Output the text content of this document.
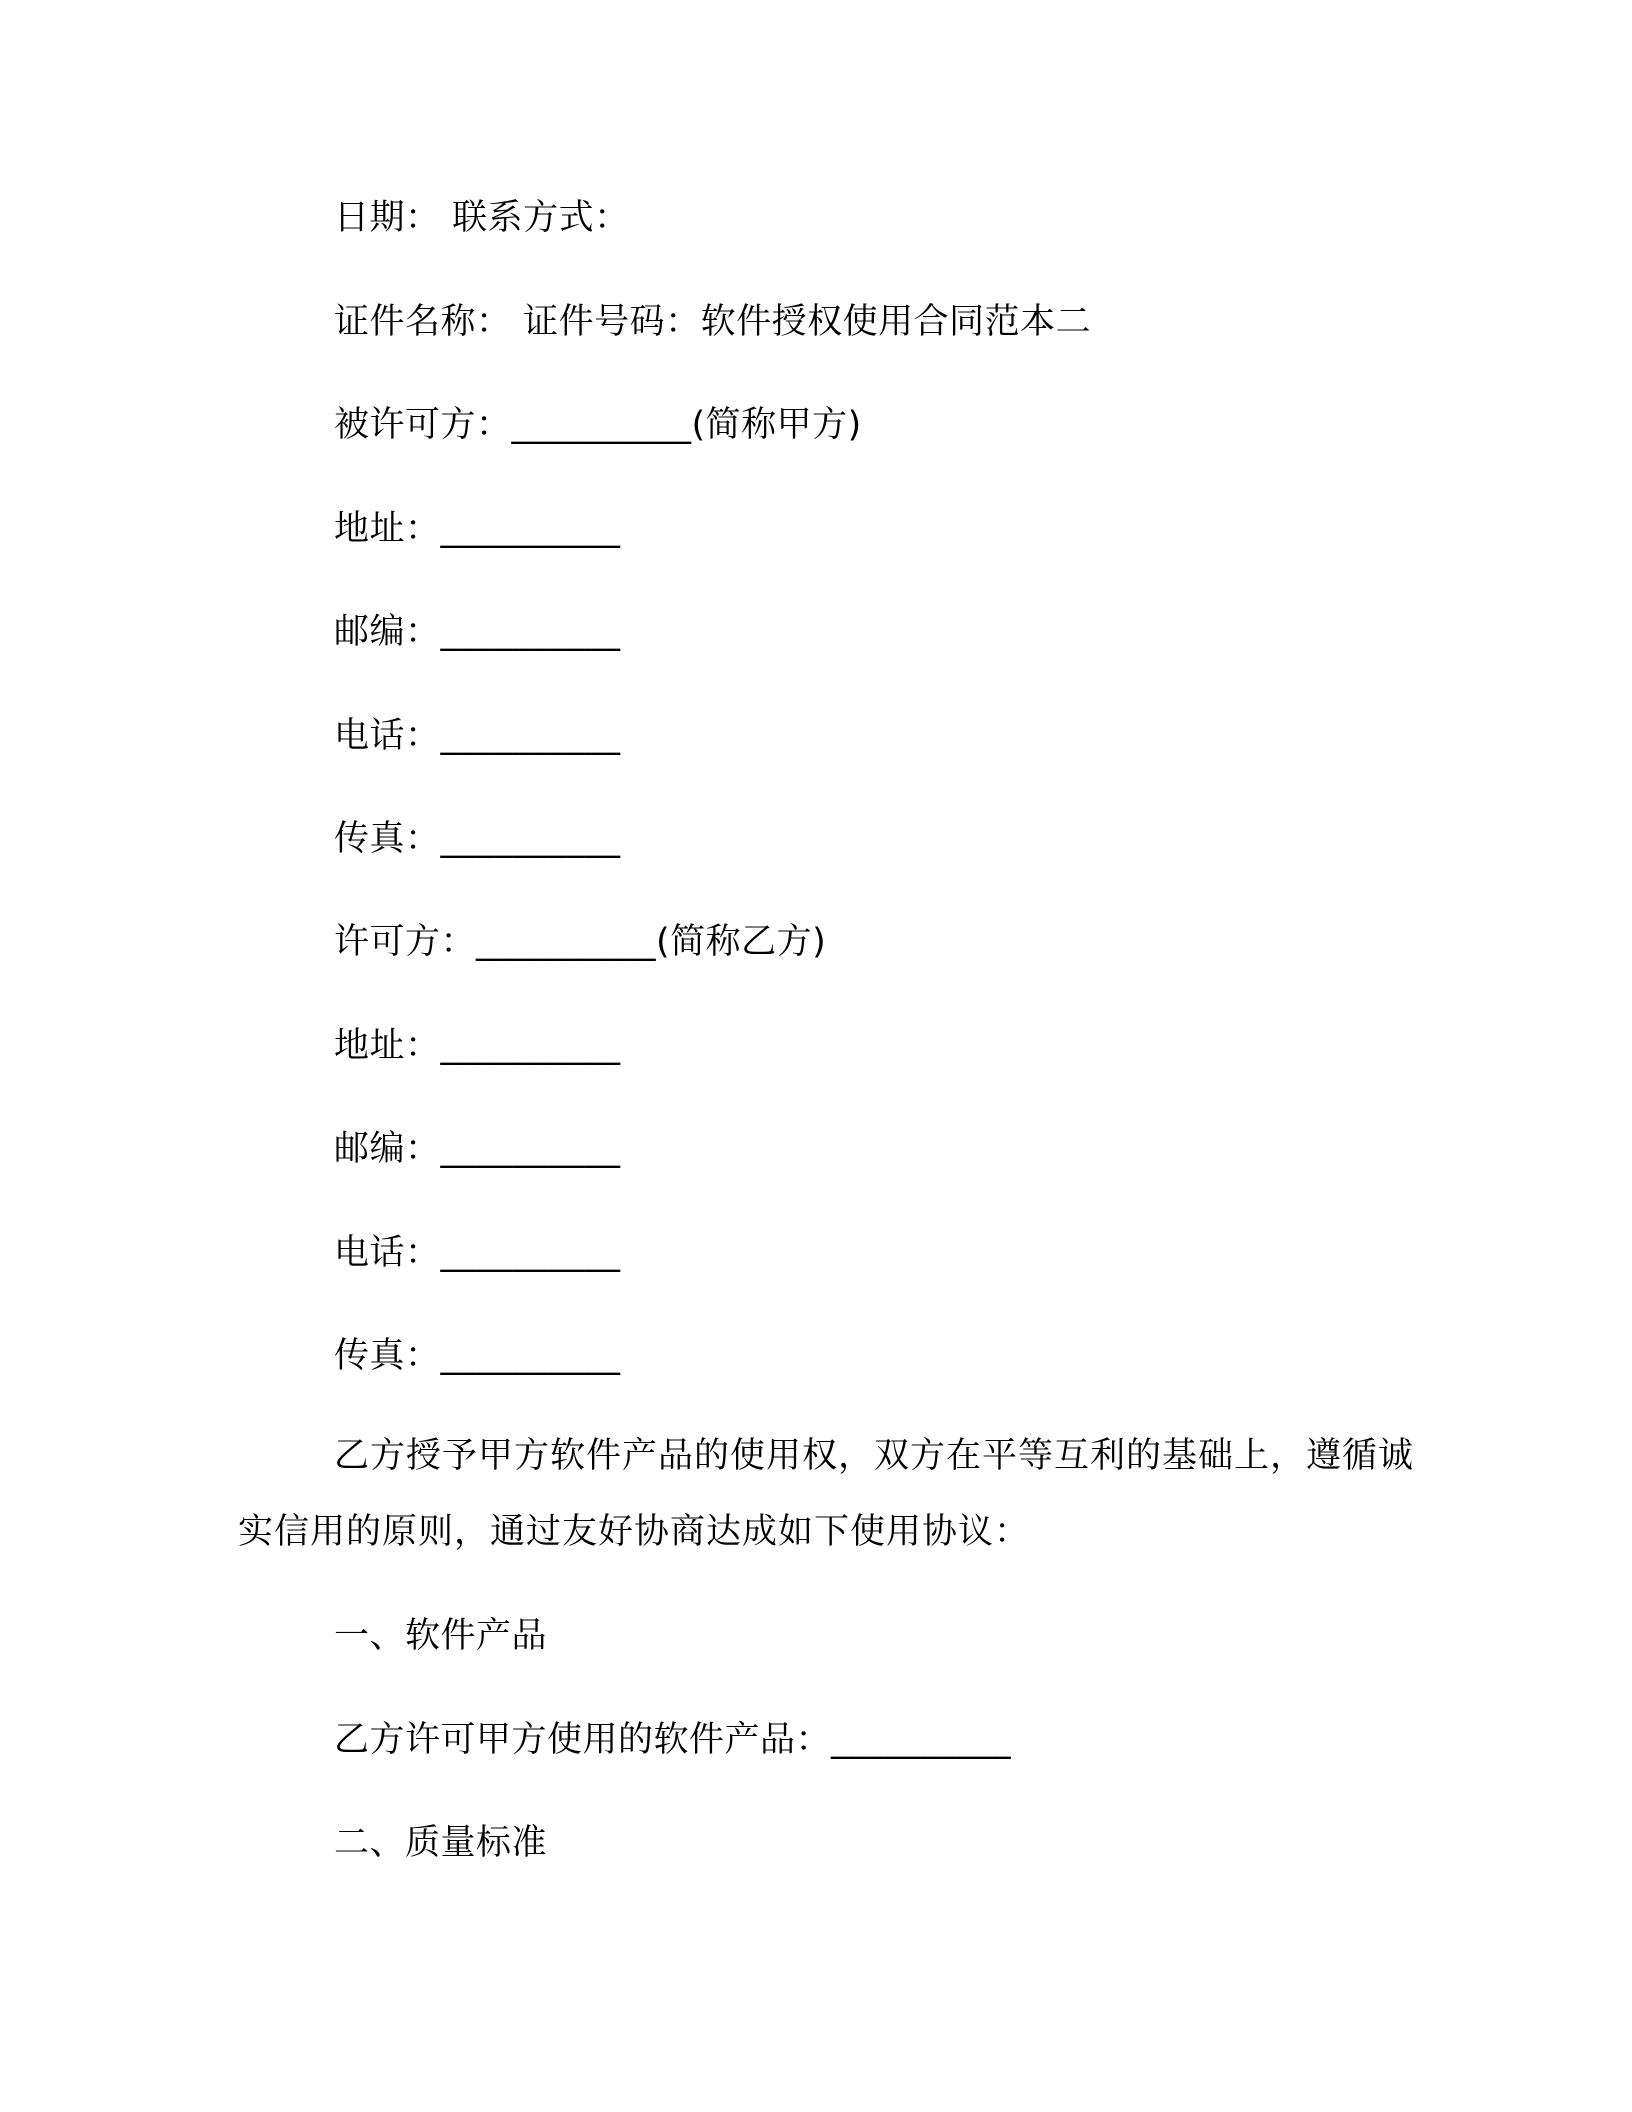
日期： 联系方式：
证件名称： 证件号码：软件授权使用合同范本二
被许可方：__________(简称甲方)
地址：__________
邮编：__________
电话：__________
传真：__________
许可方：__________(简称乙方)
地址：__________
邮编：__________
电话：__________
传真：__________
乙方授予甲方软件产品的使用权，双方在平等互利的基础上，遵循诚实信用的原则，通过友好协商达成如下使用协议：
一、软件产品
乙方许可甲方使用的软件产品：__________
二、质量标准
